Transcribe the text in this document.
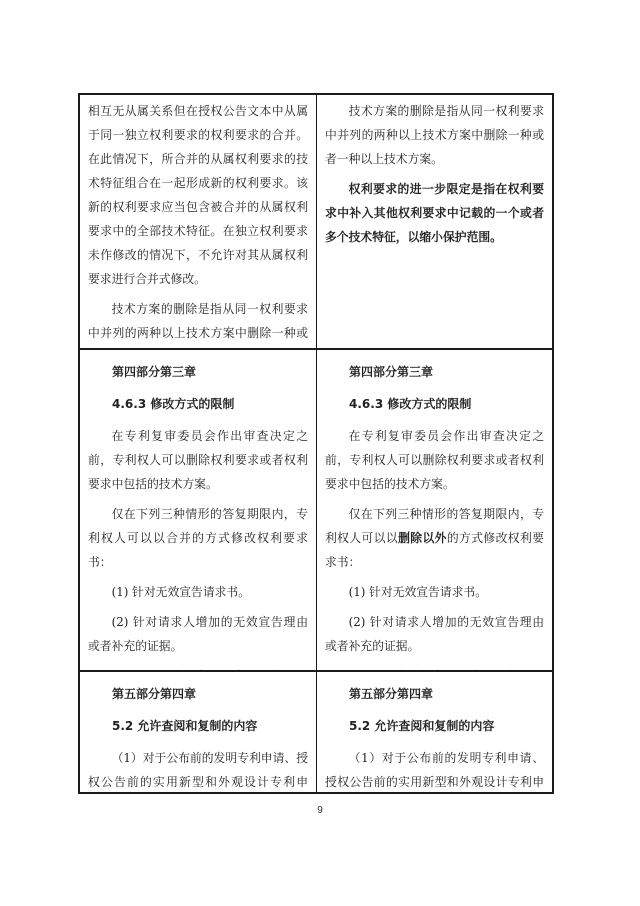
相互无从属关系但在授权公告文本中从属于同一独立权利要求的权利要求的合并。在此情况下，所合并的从属权利要求的技术特征组合在一起形成新的权利要求。该新的权利要求应当包含被合并的从属权利要求中的全部技术特征。在独立权利要求未作修改的情况下，不允许对其从属权利要求进行合并式修改。

技术方案的删除是指从同一权利要求中并列的两种以上技术方案中删除一种或

技术方案的删除是指从同一权利要求中并列的两种以上技术方案中删除一种或者一种以上技术方案。

权利要求的进一步限定是指在权利要求中补入其他权利要求中记载的一个或者多个技术特征，以缩小保护范围。

第四部分第三章
4.6.3 修改方式的限制

在专利复审委员会作出审查决定之前，专利权人可以删除权利要求或者权利要求中包括的技术方案。

仅在下列三种情形的答复期限内，专利权人可以以合并的方式修改权利要求书：

(1) 针对无效宣告请求书。

(2) 针对请求人增加的无效宣告理由或者补充的证据。

第四部分第三章
4.6.3 修改方式的限制

在专利复审委员会作出审查决定之前，专利权人可以删除权利要求或者权利要求中包括的技术方案。

仅在下列三种情形的答复期限内，专利权人可以以删除以外的方式修改权利要求书：

(1) 针对无效宣告请求书。

(2) 针对请求人增加的无效宣告理由或者补充的证据。

第五部分第四章
5.2 允许查阅和复制的内容

（1）对于公布前的发明专利申请、授权公告前的实用新型和外观设计专利申

第五部分第四章
5.2 允许查阅和复制的内容

（1）对于公布前的发明专利申请、授权公告前的实用新型和外观设计专利申

9
